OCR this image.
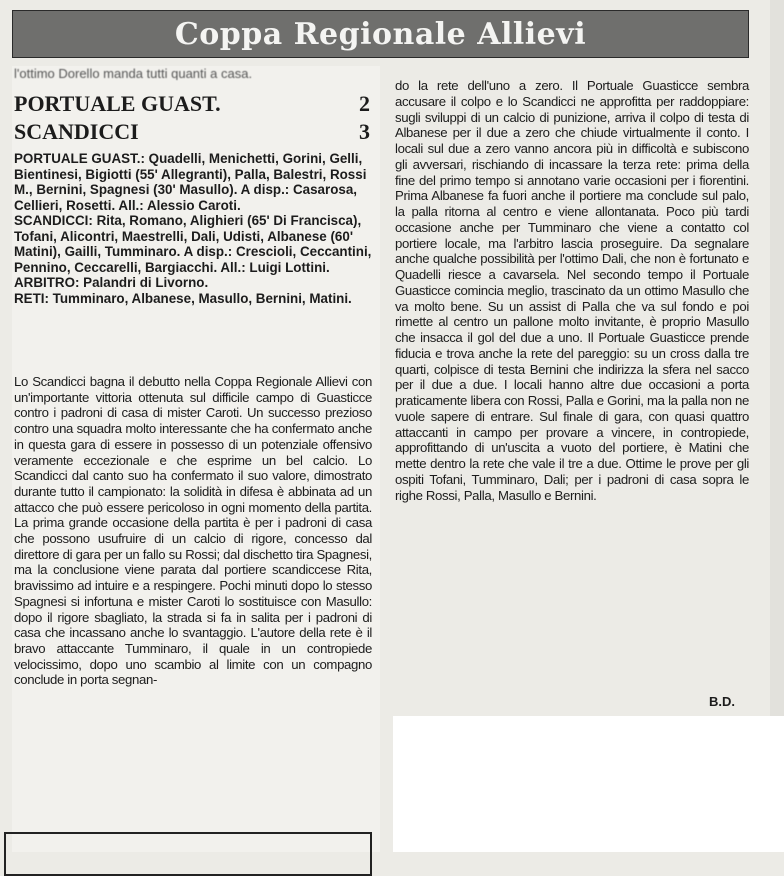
Coppa Regionale Allievi
l'ottimo Dorello manda tutti quanti a casa.
PORTUALE GUAST.	2
SCANDICCI	3

PORTUALE GUAST.: Quadelli, Menichetti, Gorini, Gelli, Bientinesi, Bigiotti (55' Allegranti), Palla, Balestri, Rossi M., Bernini, Spagnesi (30' Masullo). A disp.: Casarosa, Cellieri, Rosetti. All.: Alessio Caroti.

SCANDICCI: Rita, Romano, Alighieri (65' Di Francisca), Tofani, Alicontri, Maestrelli, Dali, Udisti, Albanese (60' Matini), Gailli, Tumminaro. A disp.: Crescioli, Ceccantini, Pennino, Ceccarelli, Bargiacchi. All.: Luigi Lottini.

ARBITRO: Palandri di Livorno.

RETI: Tumminaro, Albanese, Masullo, Bernini, Matini.

Lo Scandicci bagna il debutto nella Coppa Regionale Allievi con un'importante vittoria ottenuta sul difficile campo di Guasticce contro i padroni di casa di mister Caroti. Un successo prezioso contro una squadra molto interessante che ha confermato anche in questa gara di essere in possesso di un potenziale offensivo veramente eccezionale e che esprime un bel calcio. Lo Scandicci dal canto suo ha confermato il suo valore, dimostrato durante tutto il campionato: la solidità in difesa è abbinata ad un attacco che può essere pericoloso in ogni momento della partita. La prima grande occasione della partita è per i padroni di casa che possono usufruire di un calcio di rigore, concesso dal direttore di gara per un fallo su Rossi; dal dischetto tira Spagnesi, ma la conclusione viene parata dal portiere scandiccese Rita, bravissimo ad intuire e a respingere. Pochi minuti dopo lo stesso Spagnesi si infortuna e mister Caroti lo sostituisce con Masullo: dopo il rigore sbagliato, la strada si fa in salita per i padroni di casa che incassano anche lo svantaggio. L'autore della rete è il bravo attaccante Tumminaro, il quale in un contropiede velocissimo, dopo uno scambio al limite con un compagno conclude in porta segnan-

do la rete dell'uno a zero. Il Portuale Guasticce sembra accusare il colpo e lo Scandicci ne approfitta per raddoppiare: sugli sviluppi di un calcio di punizione, arriva il colpo di testa di Albanese per il due a zero che chiude virtualmente il conto. I locali sul due a zero vanno ancora più in difficoltà e subiscono gli avversari, rischiando di incassare la terza rete: prima della fine del primo tempo si annotano varie occasioni per i fiorentini. Prima Albanese fa fuori anche il portiere ma conclude sul palo, la palla ritorna al centro e viene allontanata. Poco più tardi occasione anche per Tumminaro che viene a contatto col portiere locale, ma l'arbitro lascia proseguire. Da segnalare anche qualche possibilità per l'ottimo Dali, che non è fortunato e Quadelli riesce a cavarsela. Nel secondo tempo il Portuale Guasticce comincia meglio, trascinato da un ottimo Masullo che va molto bene. Su un assist di Palla che va sul fondo e poi rimette al centro un pallone molto invitante, è proprio Masullo che insacca il gol del due a uno. Il Portuale Guasticce prende fiducia e trova anche la rete del pareggio: su un cross dalla tre quarti, colpisce di testa Bernini che indirizza la sfera nel sacco per il due a due. I locali hanno altre due occasioni a porta praticamente libera con Rossi, Palla e Gorini, ma la palla non ne vuole sapere di entrare. Sul finale di gara, con quasi quattro attaccanti in campo per provare a vincere, in contropiede, approfittando di un'uscita a vuoto del portiere, è Matini che mette dentro la rete che vale il tre a due. Ottime le prove per gli ospiti Tofani, Tumminaro, Dali; per i padroni di casa sopra le righe Rossi, Palla, Masullo e Bernini.

B.D.
